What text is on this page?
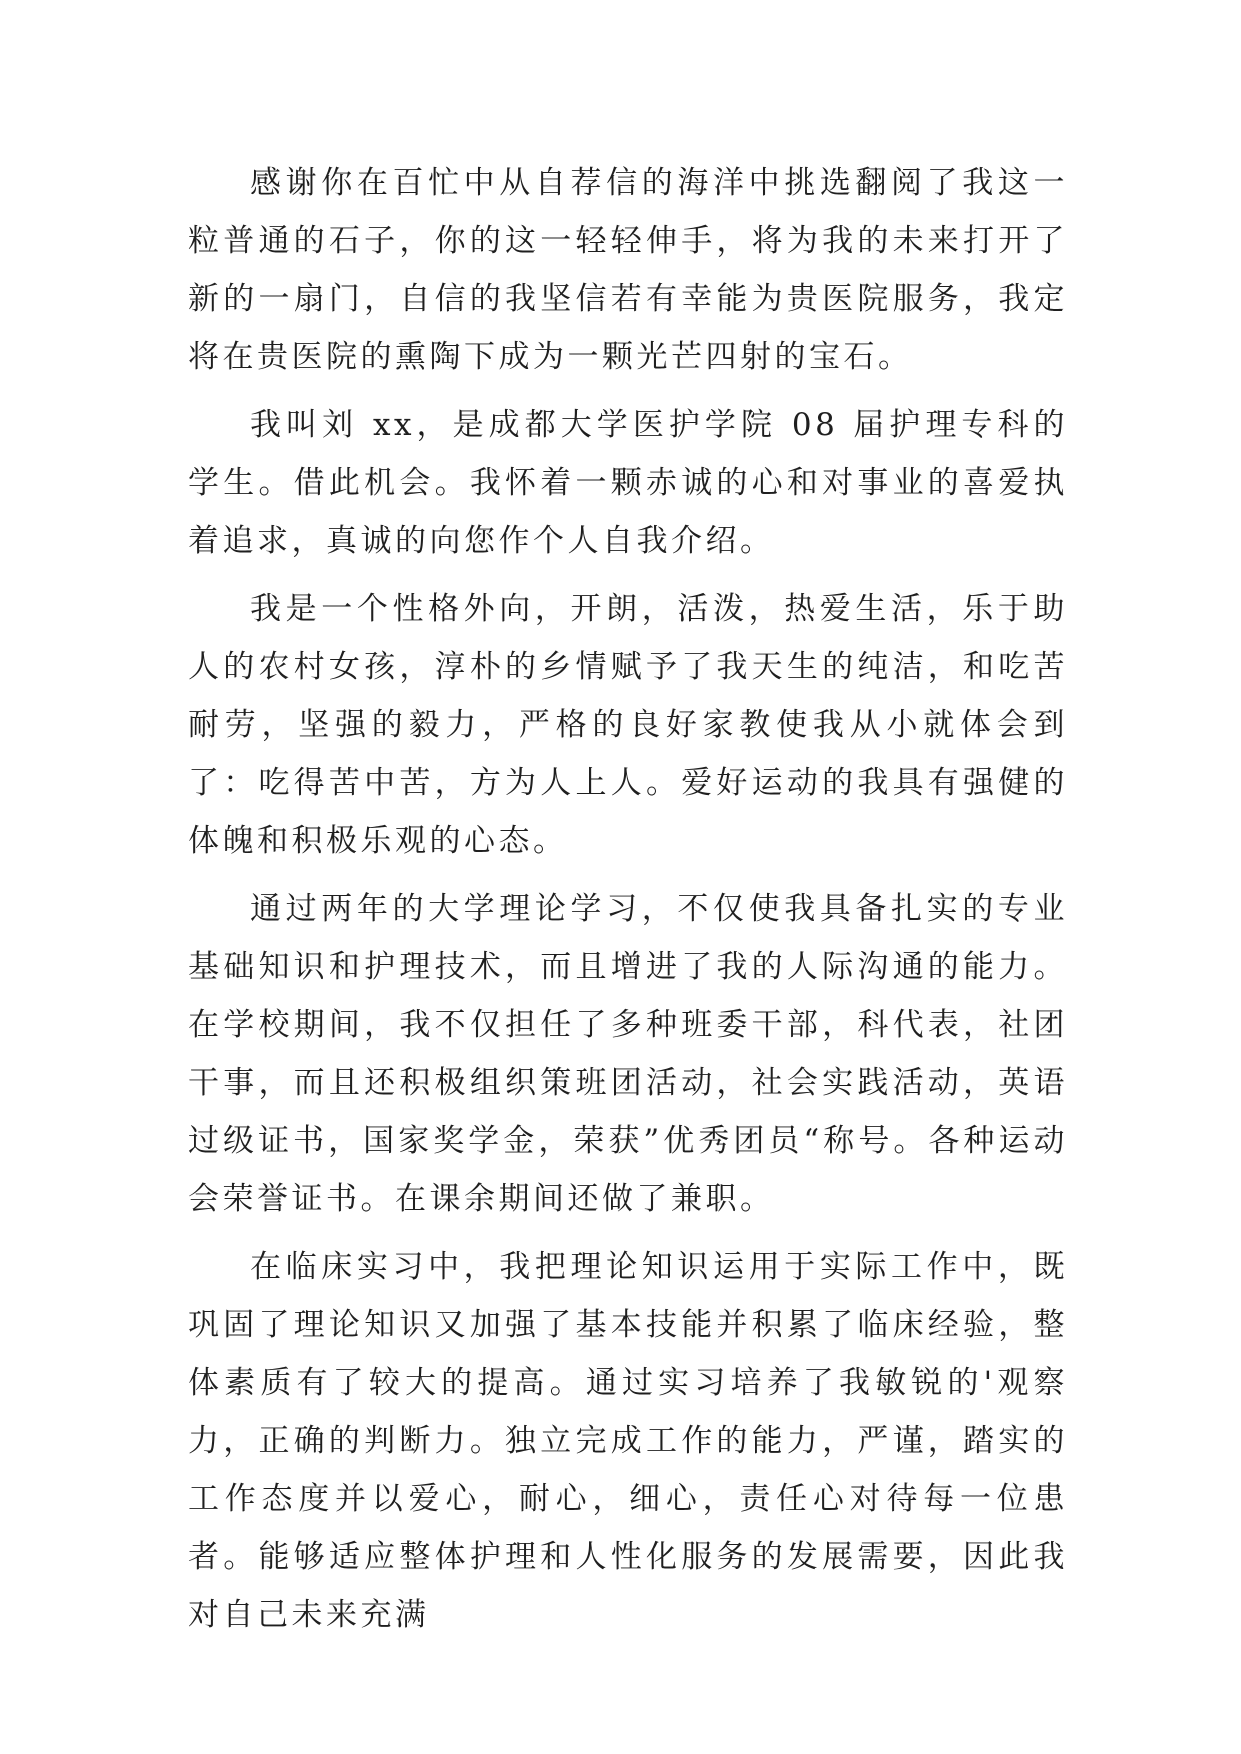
感谢你在百忙中从自荐信的海洋中挑选翻阅了我这一粒普通的石子，你的这一轻轻伸手，将为我的未来打开了新的一扇门，自信的我坚信若有幸能为贵医院服务，我定将在贵医院的熏陶下成为一颗光芒四射的宝石。

我叫刘 xx，是成都大学医护学院 08 届护理专科的学生。借此机会。我怀着一颗赤诚的心和对事业的喜爱执着追求，真诚的向您作个人自我介绍。

我是一个性格外向，开朗，活泼，热爱生活，乐于助人的农村女孩，淳朴的乡情赋予了我天生的纯洁，和吃苦耐劳，坚强的毅力，严格的良好家教使我从小就体会到了：吃得苦中苦，方为人上人。爱好运动的我具有强健的体魄和积极乐观的心态。

通过两年的大学理论学习，不仅使我具备扎实的专业基础知识和护理技术，而且增进了我的人际沟通的能力。在学校期间，我不仅担任了多种班委干部，科代表，社团干事，而且还积极组织策班团活动，社会实践活动，英语过级证书，国家奖学金，荣获”优秀团员“称号。各种运动会荣誉证书。在课余期间还做了兼职。

在临床实习中，我把理论知识运用于实际工作中，既巩固了理论知识又加强了基本技能并积累了临床经验，整体素质有了较大的提高。通过实习培养了我敏锐的'观察力，正确的判断力。独立完成工作的能力，严谨，踏实的工作态度并以爱心，耐心，细心，责任心对待每一位患者。能够适应整体护理和人性化服务的发展需要，因此我对自己未来充满
